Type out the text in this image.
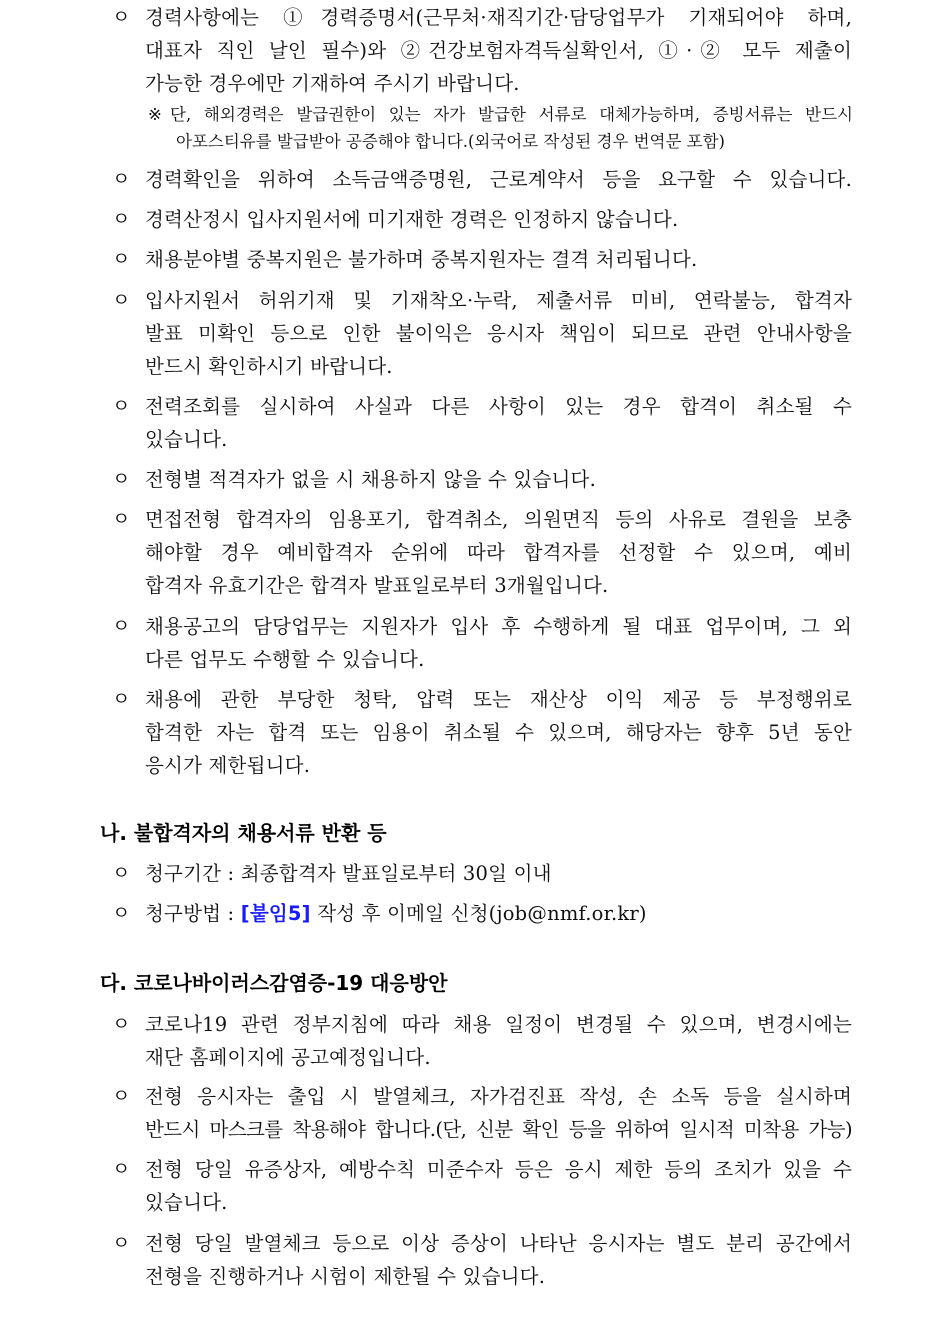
ㅇ 경력사항에는 ①경력증명서(근무처·재직기간·담당업무가 기재되어야 하며,
대표자 직인 날인 필수)와 ②건강보험자격득실확인서, ①·② 모두 제출이
가능한 경우에만 기재하여 주시기 바랍니다.
※ 단, 해외경력은 발급권한이 있는 자가 발급한 서류로 대체가능하며, 증빙서류는 반드시
아포스티유를 발급받아 공증해야 합니다.(외국어로 작성된 경우 번역문 포함)
ㅇ 경력확인을 위하여 소득금액증명원, 근로계약서 등을 요구할 수 있습니다.
ㅇ 경력산정시 입사지원서에 미기재한 경력은 인정하지 않습니다.
ㅇ 채용분야별 중복지원은 불가하며 중복지원자는 결격 처리됩니다.
ㅇ 입사지원서 허위기재 및 기재착오·누락, 제출서류 미비, 연락불능, 합격자
발표 미확인 등으로 인한 불이익은 응시자 책임이 되므로 관련 안내사항을
반드시 확인하시기 바랍니다.
ㅇ 전력조회를 실시하여 사실과 다른 사항이 있는 경우 합격이 취소될 수
있습니다.
ㅇ 전형별 적격자가 없을 시 채용하지 않을 수 있습니다.
ㅇ 면접전형 합격자의 임용포기, 합격취소, 의원면직 등의 사유로 결원을 보충
해야할 경우 예비합격자 순위에 따라 합격자를 선정할 수 있으며, 예비
합격자 유효기간은 합격자 발표일로부터 3개월입니다.
ㅇ 채용공고의 담당업무는 지원자가 입사 후 수행하게 될 대표 업무이며, 그 외
다른 업무도 수행할 수 있습니다.
ㅇ 채용에 관한 부당한 청탁, 압력 또는 재산상 이익 제공 등 부정행위로
합격한 자는 합격 또는 임용이 취소될 수 있으며, 해당자는 향후 5년 동안
응시가 제한됩니다.
나. 불합격자의 채용서류 반환 등
ㅇ 청구기간 : 최종합격자 발표일로부터 30일 이내
ㅇ 청구방법 : [붙임5] 작성 후 이메일 신청(job@nmf.or.kr)
다. 코로나바이러스감염증-19 대응방안
ㅇ 코로나19 관련 정부지침에 따라 채용 일정이 변경될 수 있으며, 변경시에는
재단 홈페이지에 공고예정입니다.
ㅇ 전형 응시자는 출입 시 발열체크, 자가검진표 작성, 손 소독 등을 실시하며
반드시 마스크를 착용해야 합니다.(단, 신분 확인 등을 위하여 일시적 미착용 가능)
ㅇ 전형 당일 유증상자, 예방수칙 미준수자 등은 응시 제한 등의 조치가 있을 수
있습니다.
ㅇ 전형 당일 발열체크 등으로 이상 증상이 나타난 응시자는 별도 분리 공간에서
전형을 진행하거나 시험이 제한될 수 있습니다.
